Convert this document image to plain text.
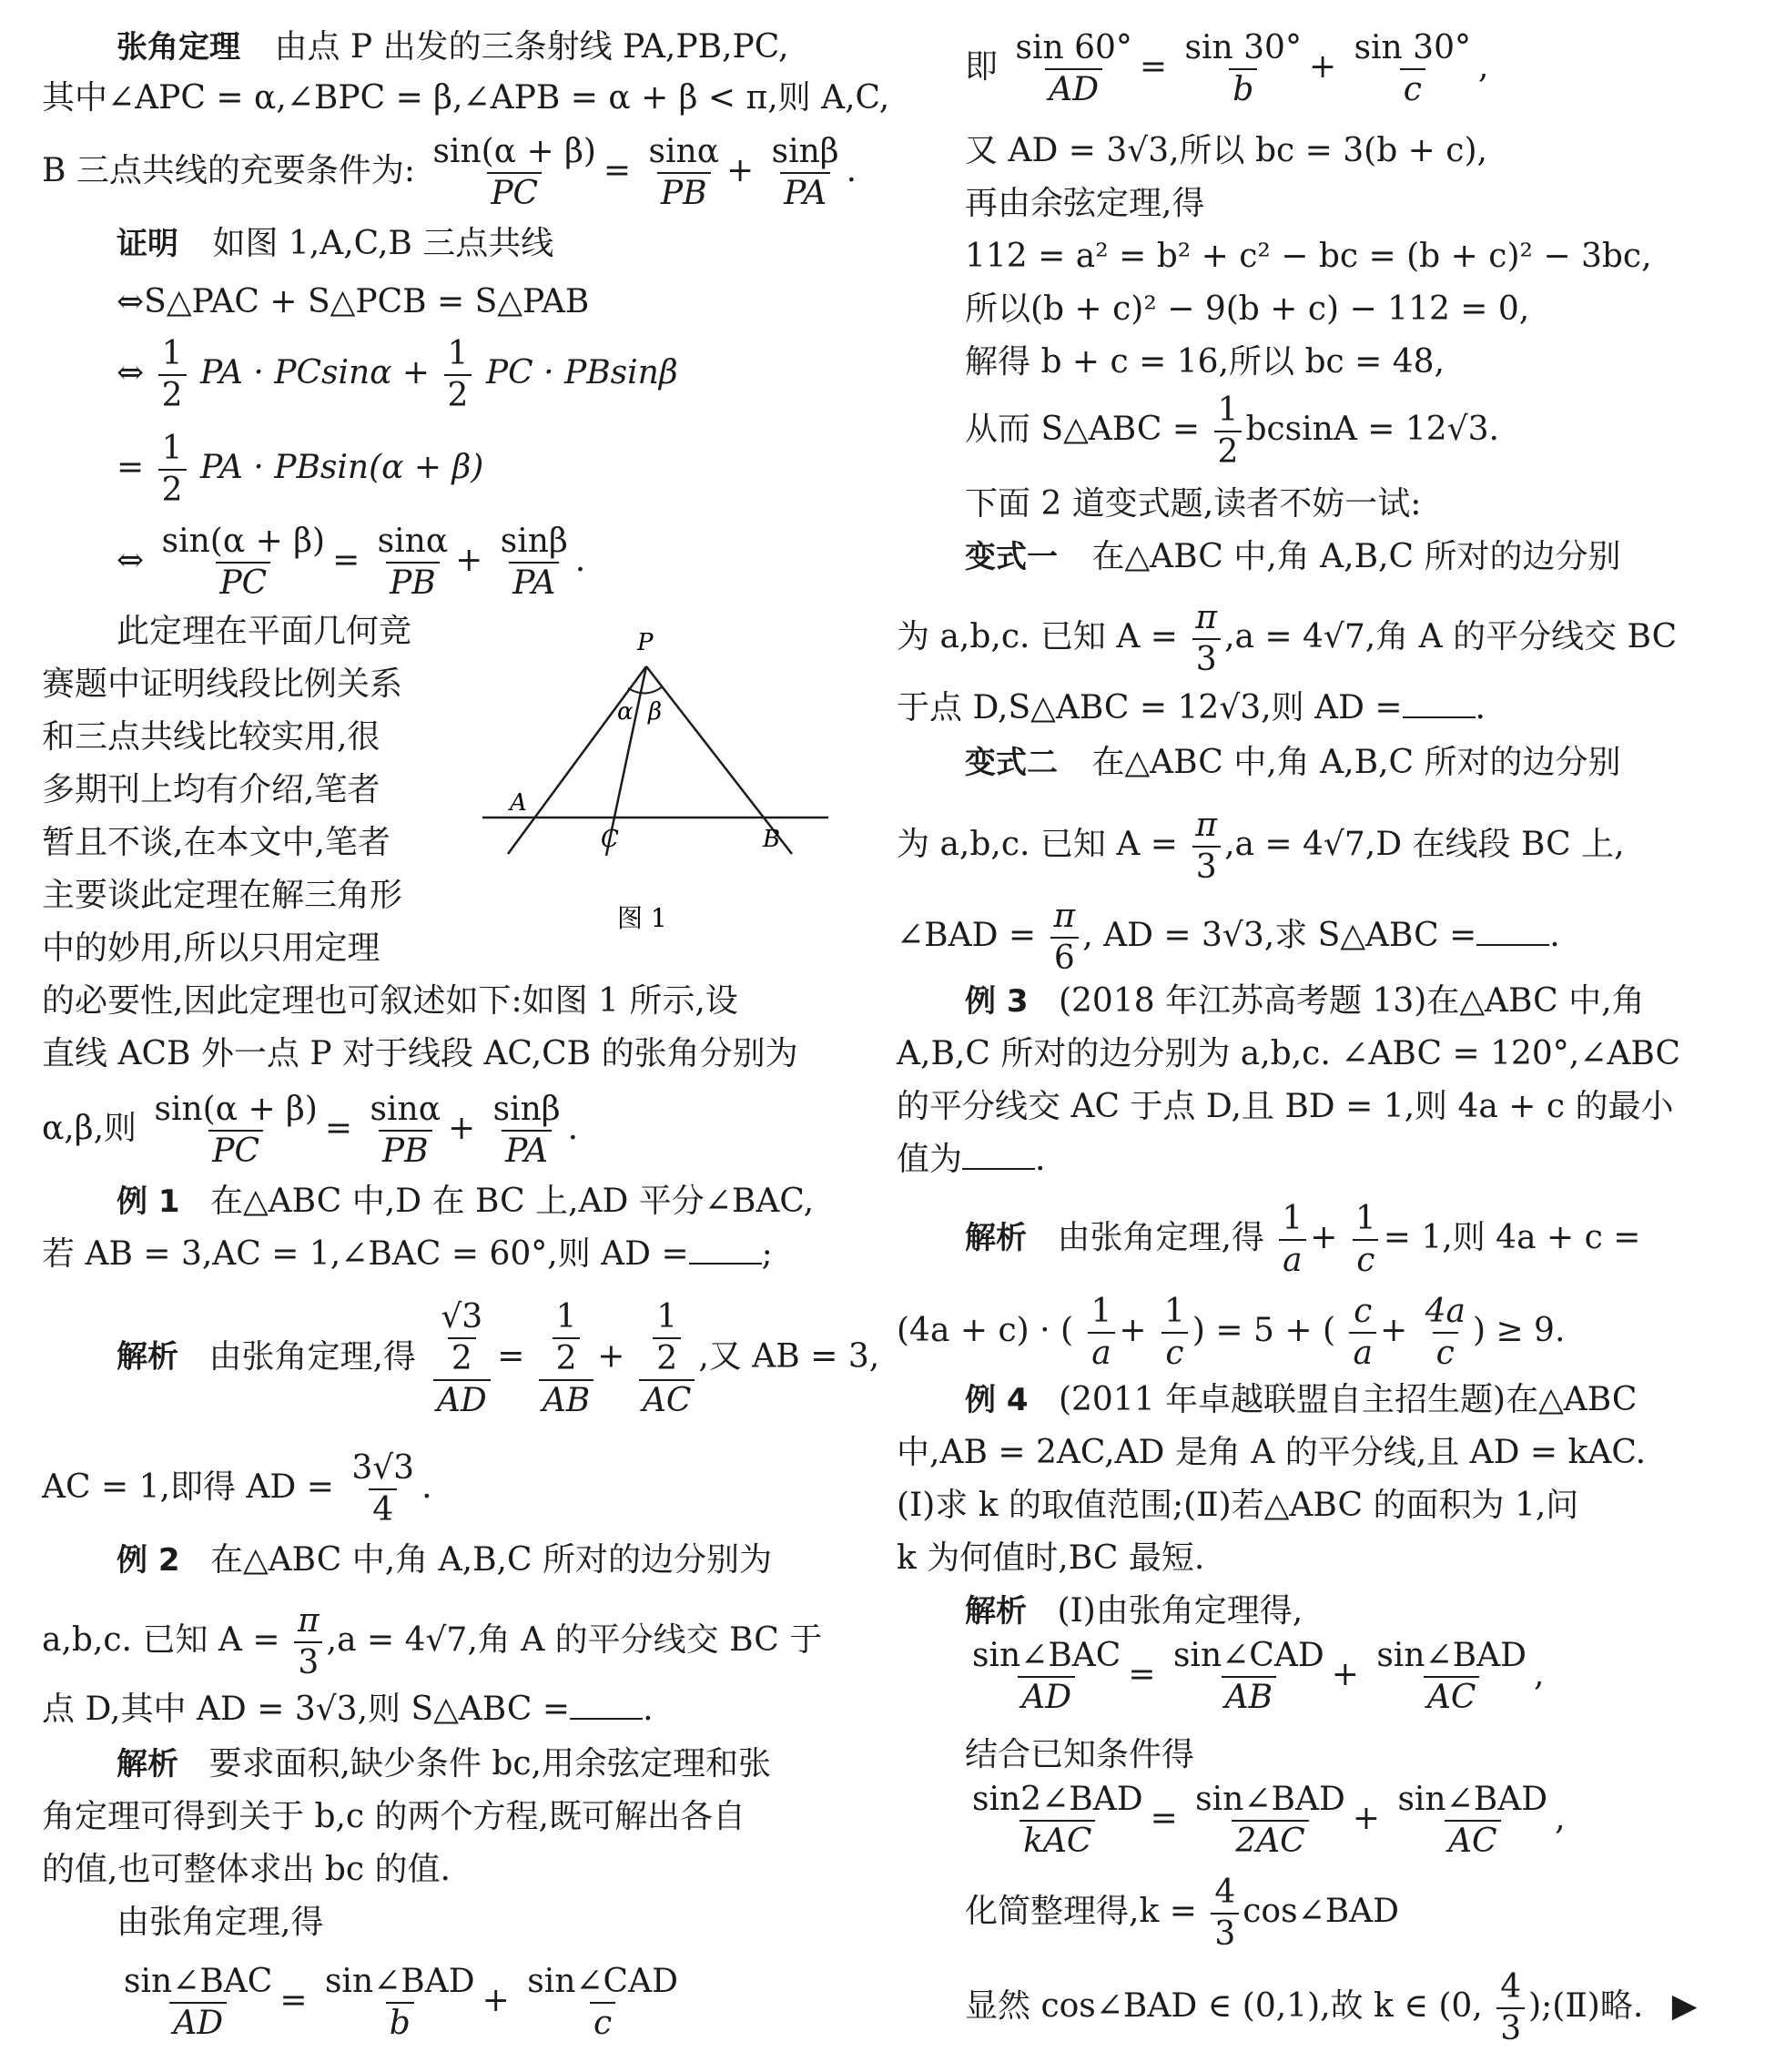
张角定理 由点 P 出发的三条射线 PA,PB,PC,
其中∠APC = α,∠BPC = β,∠APB = α + β < π,则 A,C,
B 三点共线的充要条件为: $\frac{\sin(\alpha + \beta)}{PC} = \frac{\sin\alpha}{PB} + \frac{\sin\beta}{PA}$ .
证明 如图 1,A,C,B 三点共线
⇔S△PAC + S△PCB = S△PAB
⇔ $\frac{1}{2}$ PA · $PCsin\alpha + \frac{1}{2}$ PC · PBsinβ
= $\frac{1}{2}$ PA · PBsin(α + β)
⇔ $\frac{\sin(\alpha + \beta)}{PC} = \frac{\sin\alpha}{PB} + \frac{\sin\beta}{PA}$ .
此定理在平面几何竞
赛题中证明线段比例关系
和三点共线比较实用,很
多期刊上均有介绍,笔者
暂且不谈,在本文中,笔者
主要谈此定理在解三角形
中的妙用,所以只用定理
P
α β
A
C	B
图 1
的必要性,因此定理也可叙述如下:如图 1 所示,设
直线 ACB 外一点 P 对于线段 AC,CB 的张角分别为
α,β,则 $\frac{\sin(\alpha + \beta)}{PC} = \frac{\sin\alpha}{PB} + \frac{\sin\beta}{PA}$ .
例 1 在△ABC 中,D 在 BC 上,AD 平分∠BAC,
若 AB = 3,AC = 1,∠BAC = 60°,则 AD = ;
解析 由张角定理,得 $\frac{\frac{√3}{2}}{AD} = \frac{\frac{1}{2}}{AB} + \frac{\frac{1}{2}}{AC}$ ,又 AB = 3,
AC = 1,即得 AD = $\frac{3√3}{4}$ .
例 2 在△ABC 中,角 A,B,C 所对的边分别为
a,b,c. 已知 $A = \frac{\pi}{3} ,a = 4√7$,角 A 的平分线交 BC 于
点 D,其中 AD = 3√3,则 S△ABC = .
解析 要求面积,缺少条件 bc,用余弦定理和张
角定理可得到关于 b,c 的两个方程,既可解出各自
的值,也可整体求出 bc 的值.
由张角定理,得
sin∠BAC
AD
=
sin∠BAD
b
+
sin∠CAD
c
即 $\frac{\sin 60^\circ}{AD} = \frac{\sin 30^\circ}{b} + \frac{\sin 30^\circ}{c}$ ,
又 AD = 3√3,所以 bc = 3(b + c),
再由余弦定理,得
112 = a² = b² + c² − bc = (b + c)² − 3bc,
所以(b + c)² − 9(b + c) − 112 = 0,
解得 b + c = 16,所以 bc = 48,
从而 S△ABC = $\frac{1}{2}$ bcsinA = 12√3.
下面 2 道变式题,读者不妨一试:
变式一 在△ABC 中,角 A,B,C 所对的边分别
为 a,b,c. 已知 $A = \frac{\pi}{3} ,a = 4√7$,角 A 的平分线交 BC
于点 D,S△ABC = 12√3,则 AD = .
变式二 在△ABC 中,角 A,B,C 所对的边分别
为 a,b,c. 已知 $A = \frac{\pi}{3} ,a = 4√7,D$ 在线段 BC 上,
∠BAD = $\frac{\pi}{6}$ , AD = 3√3,求 S△ABC = .
例 3 (2018 年江苏高考题 13)在△ABC 中,角
A,B,C 所对的边分别为 a,b,c. ∠ABC = 120°,∠ABC
的平分线交 AC 于点 D,且 BD = 1,则 4a + c 的最小
值为 .
解析 由张角定理,得 $\frac{1}{a} + \frac{1}{c} = 1$,则 4a + c =
(4a + c) · ( $\frac{1}{a} + \frac{1}{c}$ ) = 5 + ( $\frac{c}{a} + \frac{4a}{c}$ ) ≥ 9.
例 4 (2011 年卓越联盟自主招生题)在△ABC
中,AB = 2AC,AD 是角 A 的平分线,且 AD = kAC.
(Ⅰ)求 k 的取值范围;(Ⅱ)若△ABC 的面积为 1,问
k 为何值时,BC 最短.
解析 (Ⅰ)由张角定理得,
sin∠BAC
AD
=
sin∠CAD
AB
+
sin∠BAD
AC
,
结合已知条件得
sin2∠BAD
kAC
=
sin∠BAD
2AC
+
sin∠BAD
AC
,
化简整理得$,k = \frac{4}{3}$ cos∠BAD
显然 cos∠BAD ∈ (0,1),故 k ∈ (0, $\frac{4}{3}$ );(Ⅱ)略. ▶
